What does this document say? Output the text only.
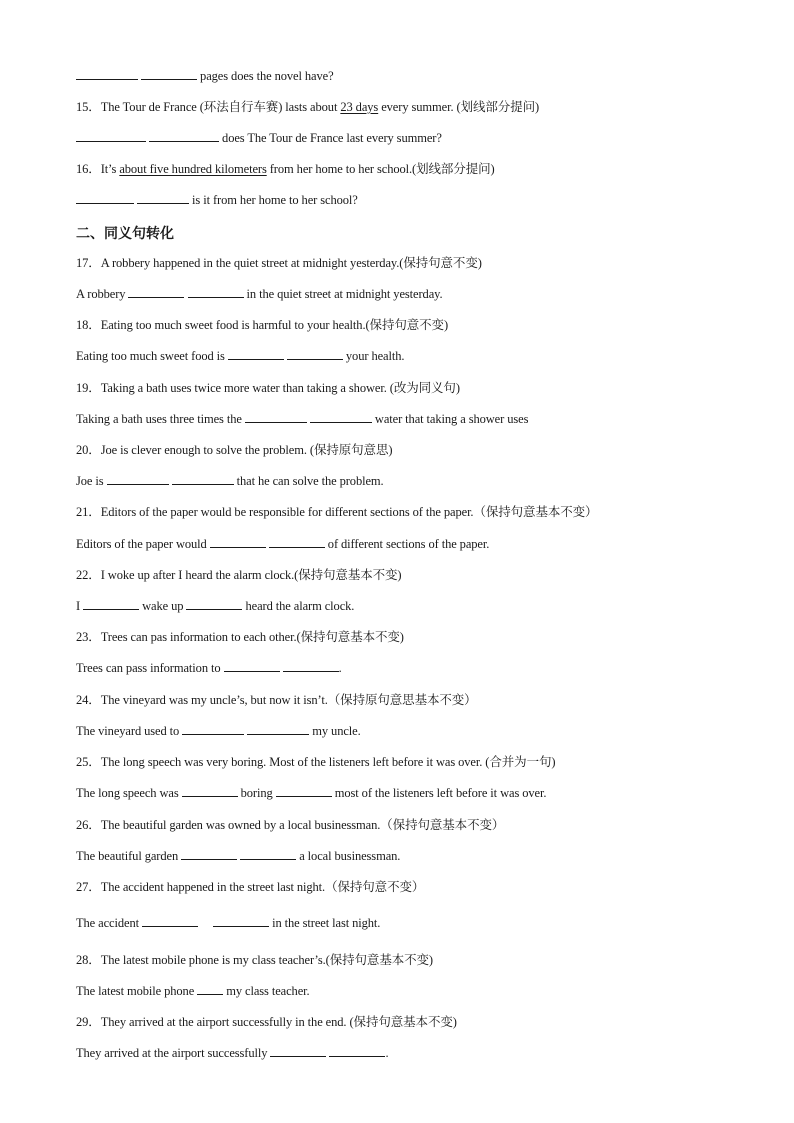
pages does the novel have?
15．The Tour de France (环法自行车赛) lasts about 23 days every summer. (划线部分提问)
does The Tour de France last every summer?
16．It’s about five hundred kilometers from her home to her school.(划线部分提问)
is it from her home to her school?
二、同义句转化
17．A robbery happened in the quiet street at midnight yesterday.(保持句意不变)
A robbery	in the quiet street at midnight yesterday.
18．Eating too much sweet food is harmful to your health.(保持句意不变)
Eating too much sweet food is	your health.
19．Taking a bath uses twice more water than taking a shower. (改为同义句)
Taking a bath uses three times the	water that taking a shower uses
20．Joe is clever enough to solve the problem. (保持原句意思)
Joe is	that he can solve the problem.
21．Editors of the paper would be responsible for different sections of the paper.（保持句意基本不变）
Editors of the paper would	of different sections of the paper.
22．I woke up after I heard the alarm clock.(保持句意基本不变)
I	wake up	heard the alarm clock.
23．Trees can pas information to each other.(保持句意基本不变)
Trees can pass information to	.
24．The vineyard was my uncle’s, but now it isn’t.（保持原句意思基本不变）
The vineyard used to	my uncle.
25．The long speech was very boring. Most of the listeners left before it was over. (合并为一句)
The long speech was	boring	most of the listeners left before it was over.
26．The beautiful garden was owned by a local businessman.（保持句意基本不变）
The beautiful garden	a local businessman.
27．The accident happened in the street last night.（保持句意不变）
The accident	in the street last night.
28．The latest mobile phone is my class teacher’s.(保持句意基本不变)
The latest mobile phone  my class teacher.
29．They arrived at the airport successfully in the end. (保持句意基本不变)
They arrived at the airport successfully	.
